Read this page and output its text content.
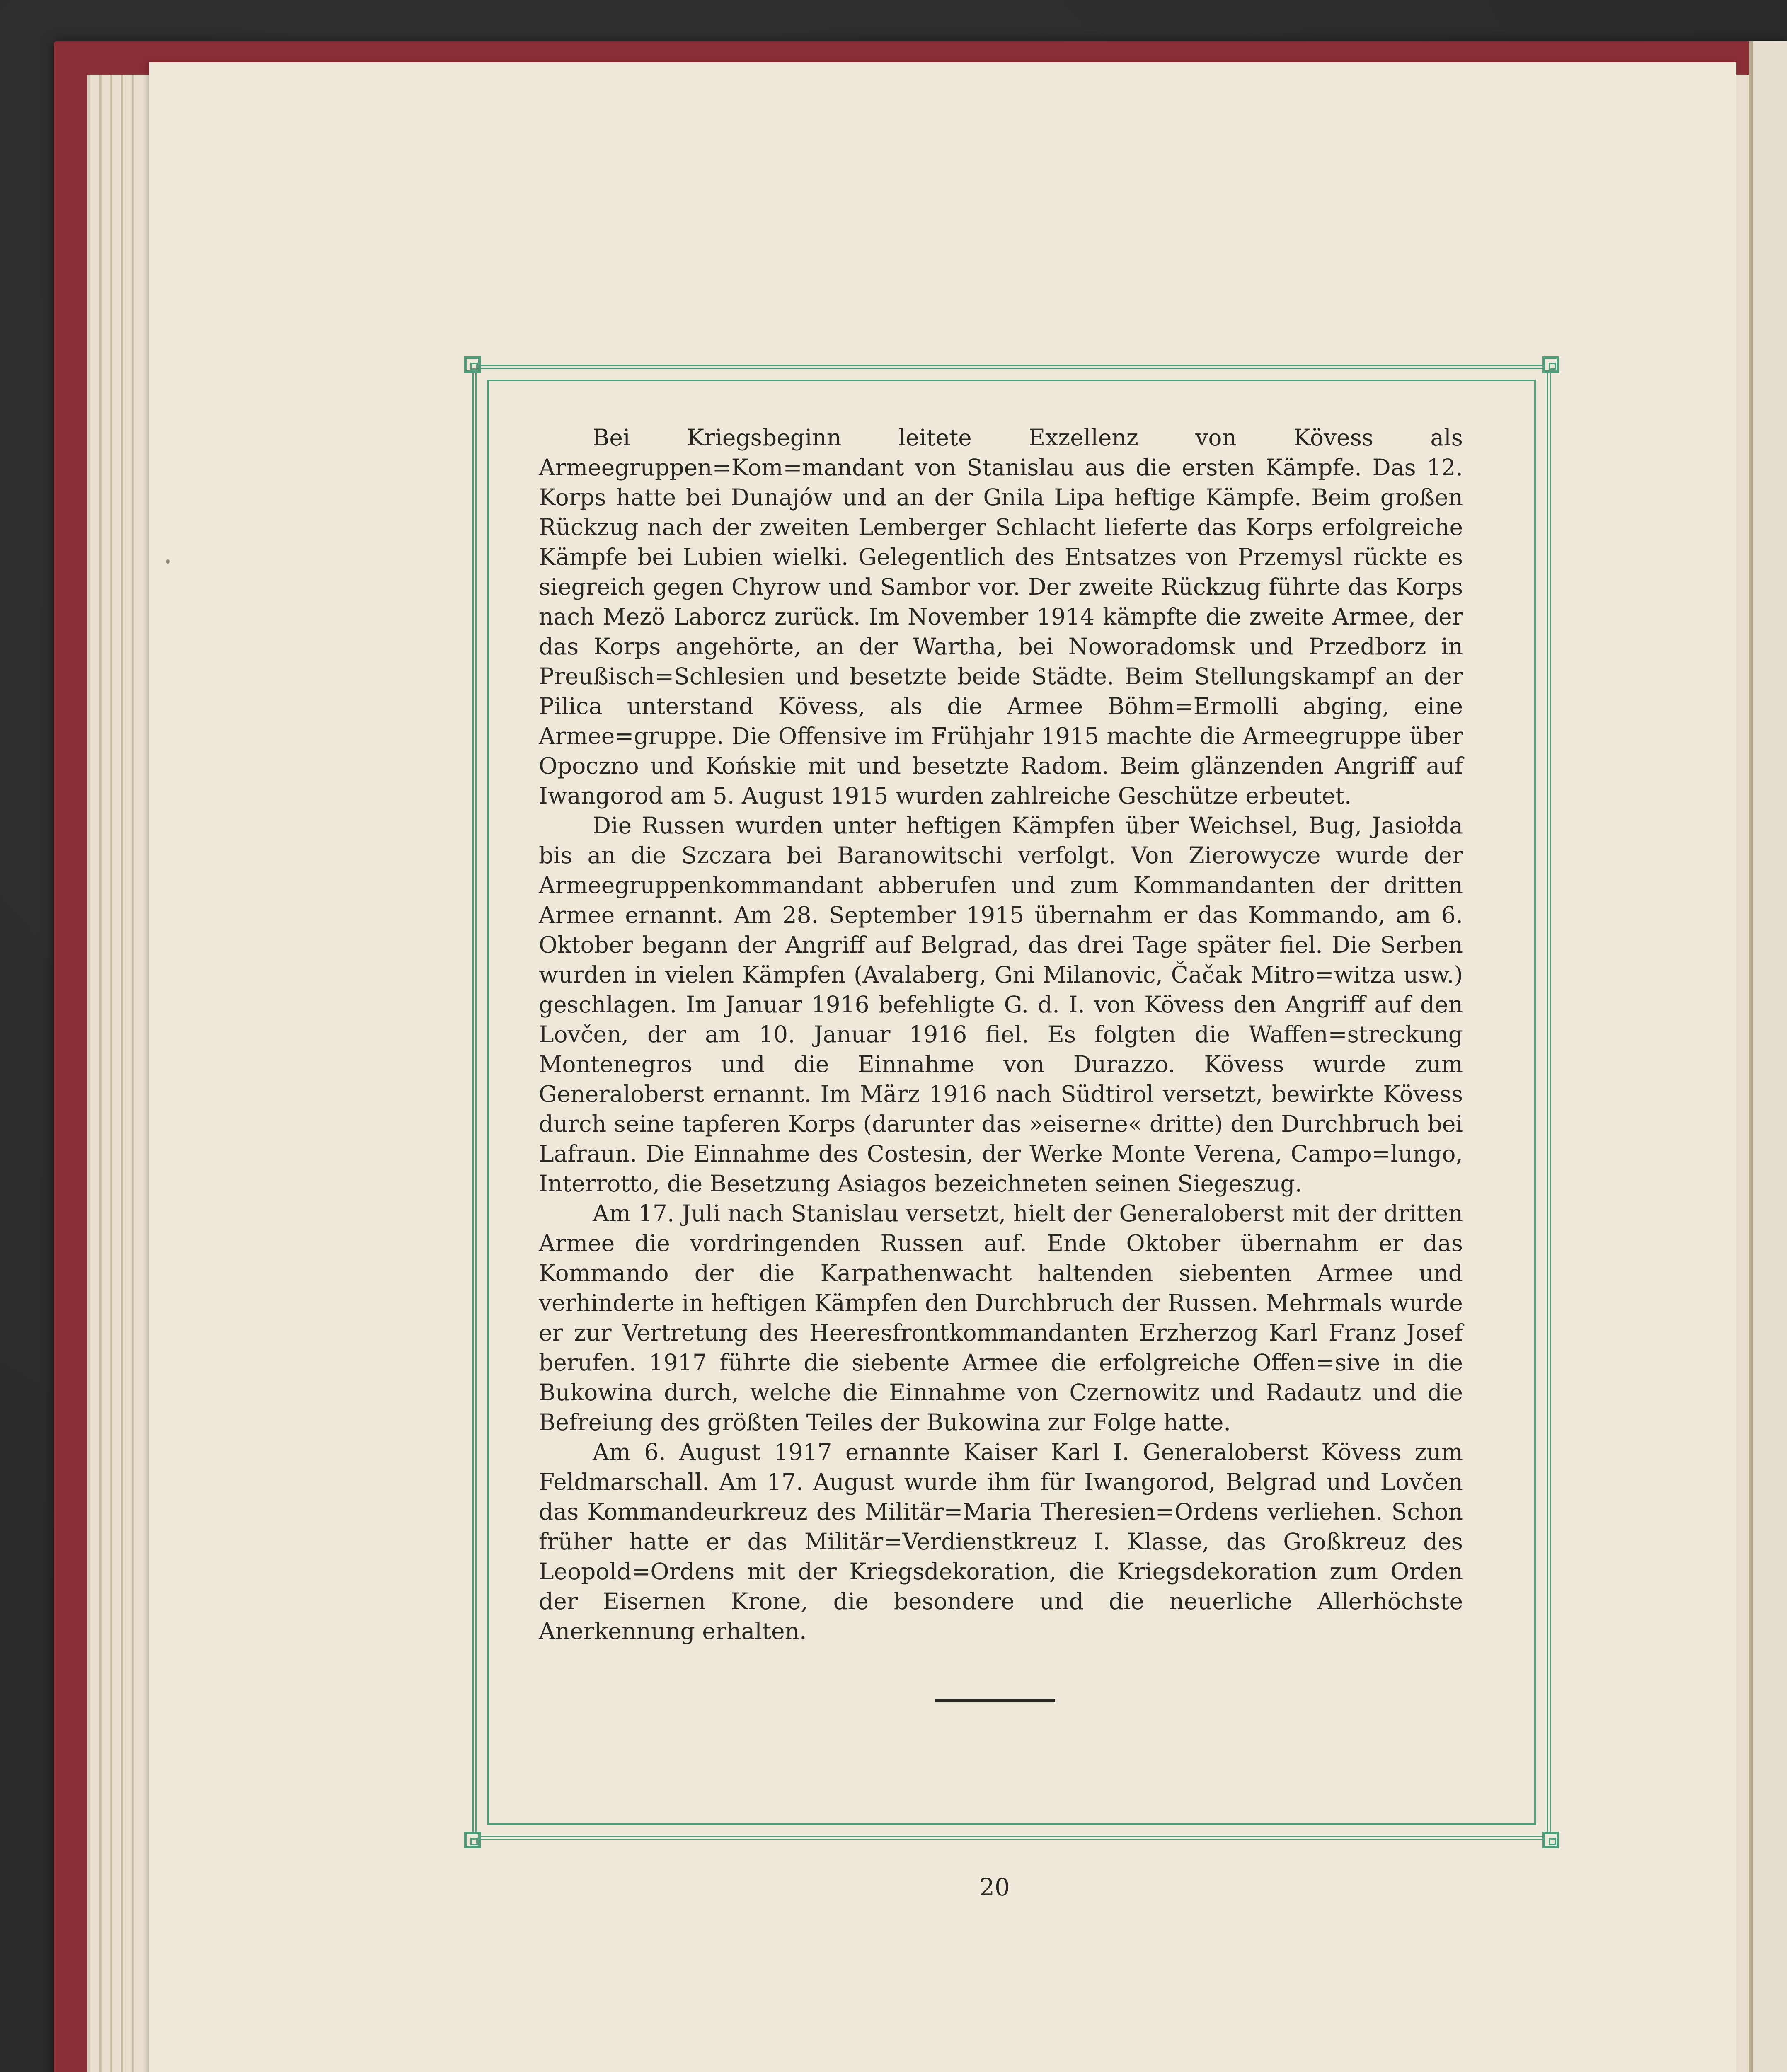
Bei Kriegsbeginn leitete Exzellenz von Kövess als Armeegruppen=Kom=mandant von Stanislau aus die ersten Kämpfe. Das 12. Korps hatte bei Dunajów und an der Gnila Lipa heftige Kämpfe. Beim großen Rückzug nach der zweiten Lemberger Schlacht lieferte das Korps erfolgreiche Kämpfe bei Lubien wielki. Gelegentlich des Entsatzes von Przemysl rückte es siegreich gegen Chyrow und Sambor vor. Der zweite Rückzug führte das Korps nach Mezö Laborcz zurück. Im November 1914 kämpfte die zweite Armee, der das Korps angehörte, an der Wartha, bei Noworadomsk und Przedborz in Preußisch=Schlesien und besetzte beide Städte. Beim Stellungskampf an der Pilica unterstand Kövess, als die Armee Böhm=Ermolli abging, eine Armee=gruppe. Die Offensive im Frühjahr 1915 machte die Armeegruppe über Opoczno und Końskie mit und besetzte Radom. Beim glänzenden Angriff auf Iwangorod am 5. August 1915 wurden zahlreiche Geschütze erbeutet.

Die Russen wurden unter heftigen Kämpfen über Weichsel, Bug, Jasiołda bis an die Szczara bei Baranowitschi verfolgt. Von Zierowycze wurde der Armeegruppenkommandant abberufen und zum Kommandanten der dritten Armee ernannt. Am 28. September 1915 übernahm er das Kommando, am 6. Oktober begann der Angriff auf Belgrad, das drei Tage später fiel. Die Serben wurden in vielen Kämpfen (Avalaberg, Gni Milanovic, Čačak Mitro=witza usw.) geschlagen. Im Januar 1916 befehligte G. d. I. von Kövess den Angriff auf den Lovčen, der am 10. Januar 1916 fiel. Es folgten die Waffen=streckung Montenegros und die Einnahme von Durazzo. Kövess wurde zum Generaloberst ernannt. Im März 1916 nach Südtirol versetzt, bewirkte Kövess durch seine tapferen Korps (darunter das »eiserne« dritte) den Durchbruch bei Lafraun. Die Einnahme des Costesin, der Werke Monte Verena, Campo=lungo, Interrotto, die Besetzung Asiagos bezeichneten seinen Siegeszug.

Am 17. Juli nach Stanislau versetzt, hielt der Generaloberst mit der dritten Armee die vordringenden Russen auf. Ende Oktober übernahm er das Kommando der die Karpathenwacht haltenden siebenten Armee und verhinderte in heftigen Kämpfen den Durchbruch der Russen. Mehrmals wurde er zur Vertretung des Heeresfrontkommandanten Erzherzog Karl Franz Josef berufen. 1917 führte die siebente Armee die erfolgreiche Offen=sive in die Bukowina durch, welche die Einnahme von Czernowitz und Radautz und die Befreiung des größten Teiles der Bukowina zur Folge hatte.

Am 6. August 1917 ernannte Kaiser Karl I. Generaloberst Kövess zum Feldmarschall. Am 17. August wurde ihm für Iwangorod, Belgrad und Lovčen das Kommandeurkreuz des Militär=Maria Theresien=Ordens verliehen. Schon früher hatte er das Militär=Verdienstkreuz I. Klasse, das Großkreuz des Leopold=Ordens mit der Kriegsdekoration, die Kriegsdekoration zum Orden der Eisernen Krone, die besondere und die neuerliche Allerhöchste Anerkennung erhalten.

20
